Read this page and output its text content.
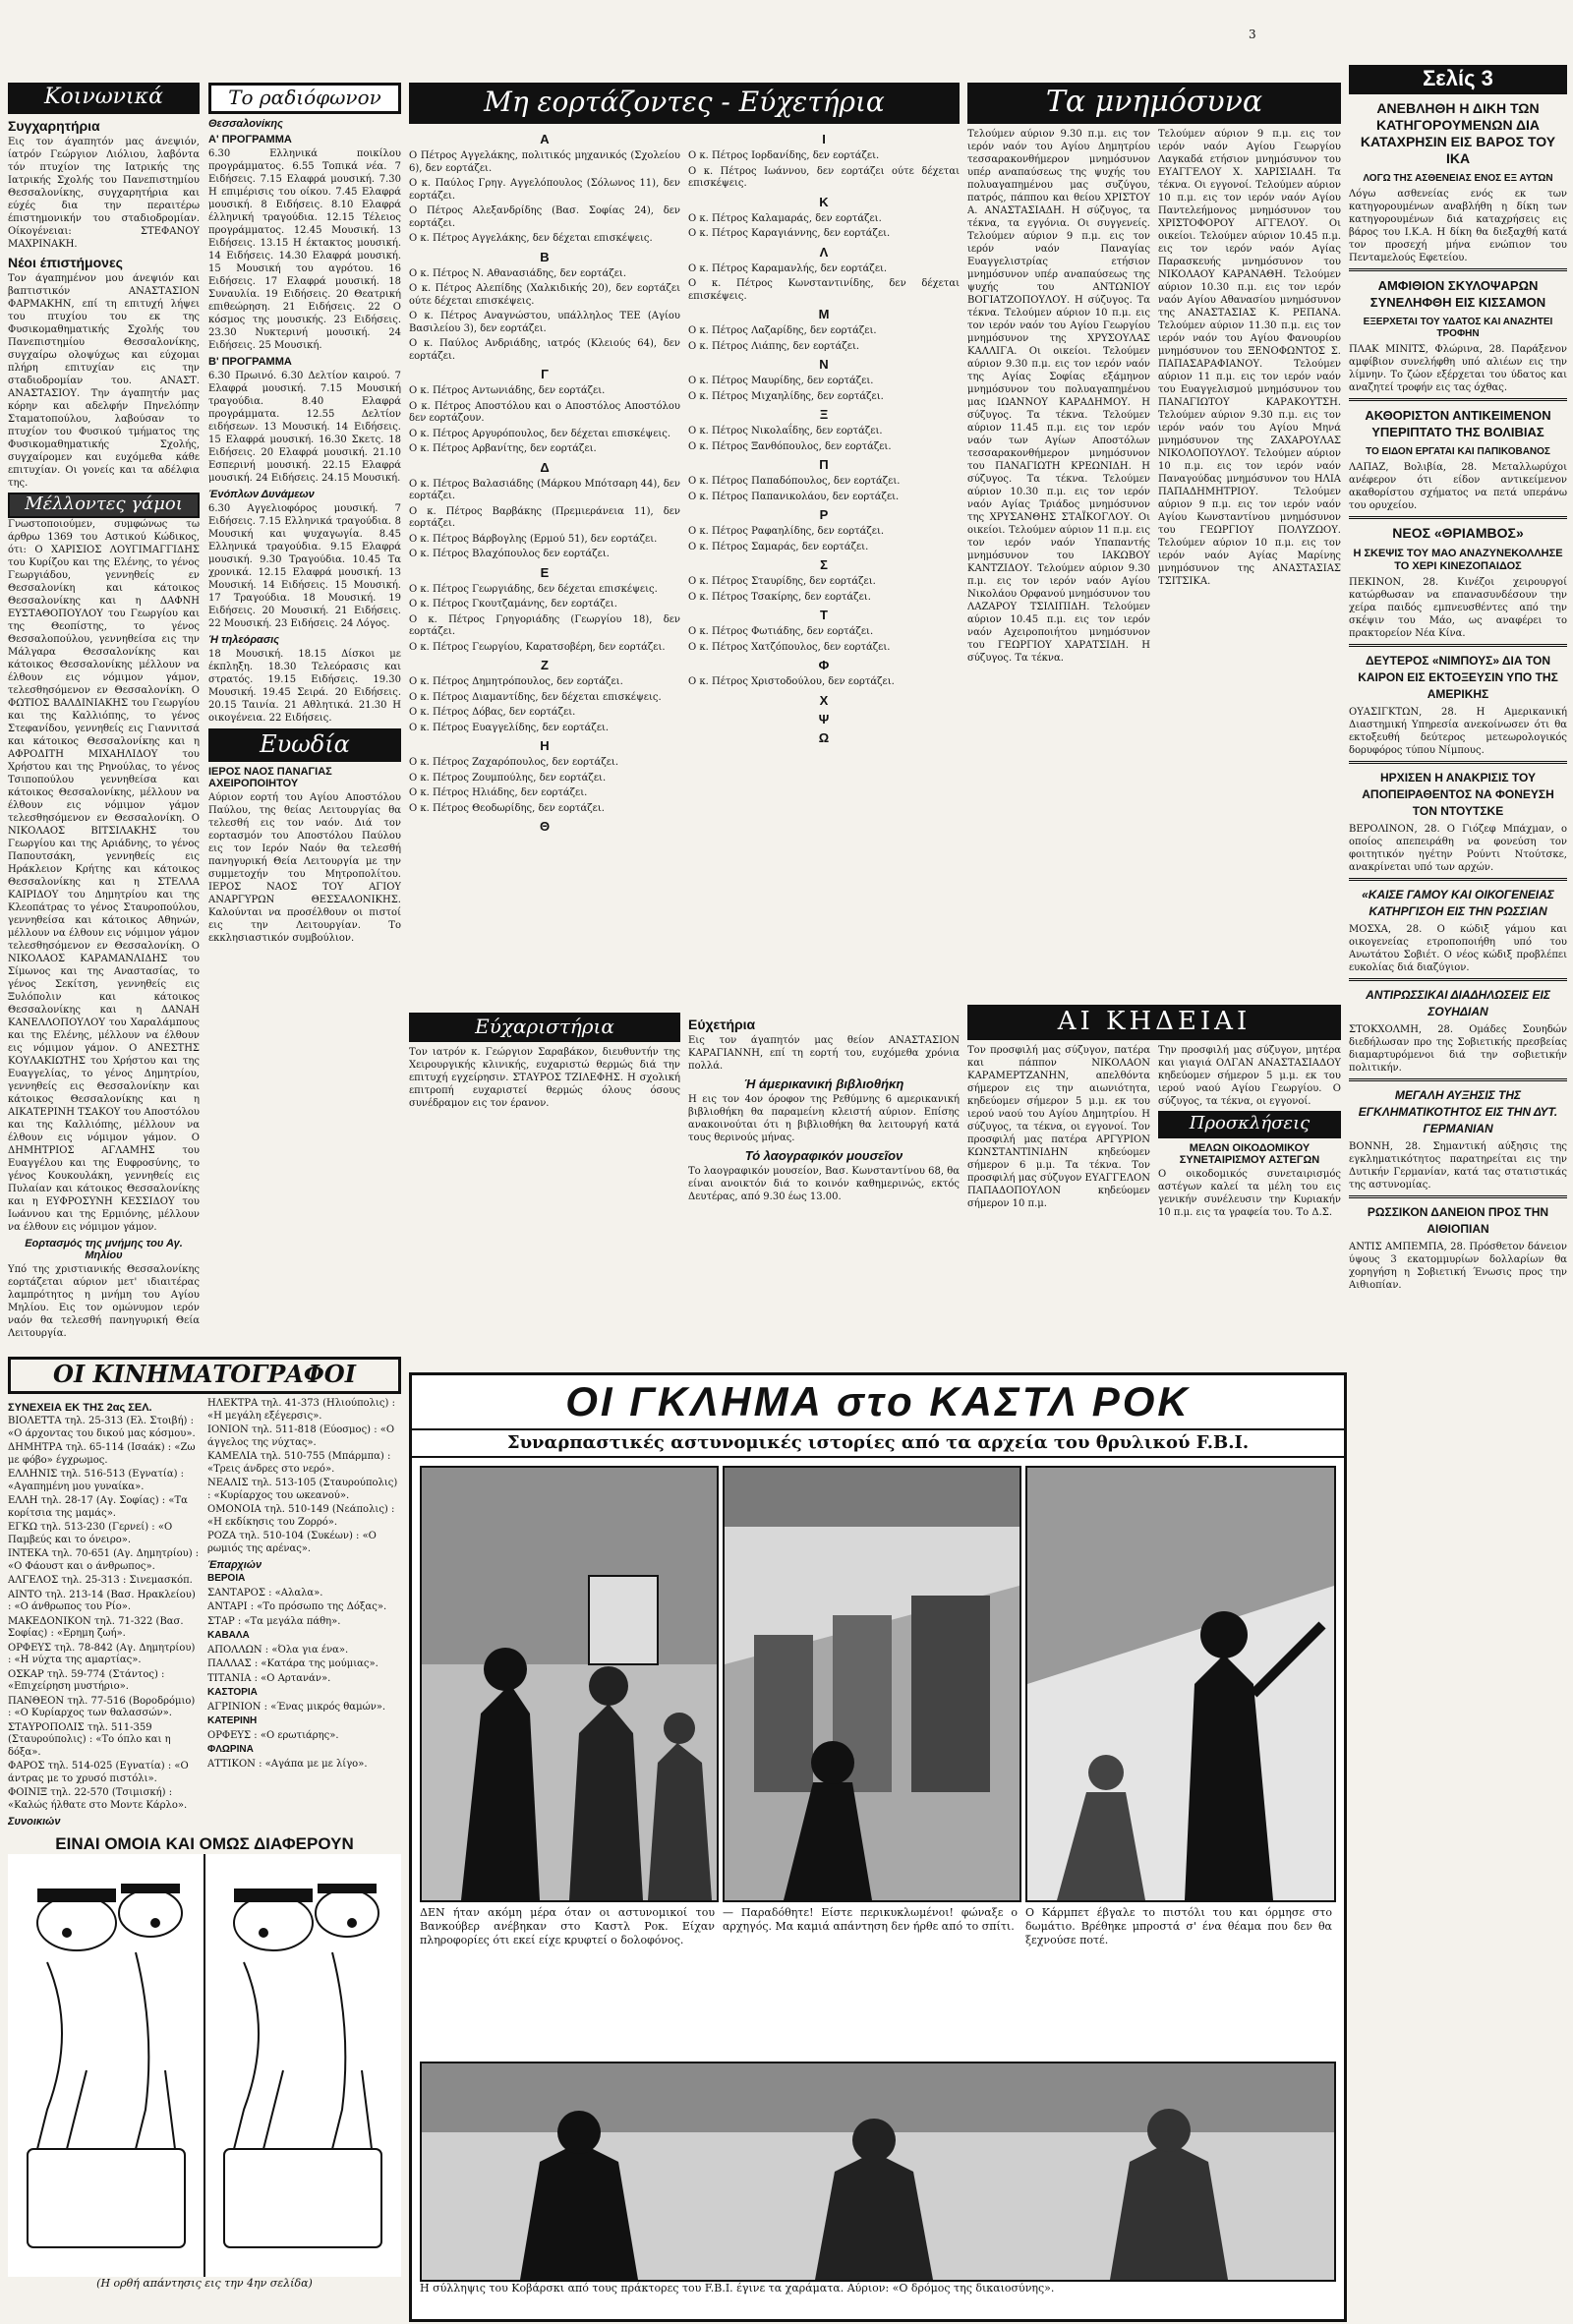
3
Κοινωνικά
Συγχαρητήρια

Εις τον άγαπητόν μας άνεψιόν, ίατρόν Γεώργιον Λιόλιου, λαβόντα τόν πτυχίον της Ιατρικής της Ιατρικής Σχολής του Πανεπιστημίου Θεσσαλονίκης, συγχαρητήρια και εύχές δια την περαιτέρω έπιστημονικήν του σταδιοδρομίαν. Οίκογένειαι: ΣΤΕΦΑΝΟΥ ΜΑΧΡΙΝΑΚΗ.

Νέοι έπιστήμονες

Τον άγαπημένον μου άνεψιόν και βαπτιστικόν ΑΝΑΣΤΑΣΙΟΝ ΦΑΡΜΑΚΗΝ, επί τη επιτυχή λήψει του πτυχίου του εκ της Φυσικομαθηματικής Σχολής του Πανεπιστημίου Θεσσαλονίκης, συγχαίρω ολοψύχως και εύχομαι πλήρη επιτυχίαν εις την σταδιοδρομίαν του. ΑΝΑΣΤ. ΑΝΑΣΤΑΣΙΟΥ. Την άγαπητήν μας κόρην και αδελφήν Πηνελόπην Σταματοπούλου, λαβούσαν το πτυχίον του Φυσικού τμήματος της Φυσικομαθηματικής Σχολής, συγχαίρομεν και ευχόμεθα κάθε επιτυχίαν. Οι γονείς και τα αδέλφια της.

Μέλλοντες γάμοι

Γνωστοποιούμεν, συμφώνως τω άρθρω 1369 του Αστικού Κώδικος, ότι: Ο ΧΑΡΙΣΙΟΣ ΛΟΥΓΙΜΑΓΓΙΔΗΣ του Κυρίζου και της Ελένης, το γένος Γεωργιάδου, γεννηθείς εν Θεσσαλονίκη και κάτοικος Θεσσαλονίκης και η ΔΑΦΝΗ ΕΥΣΤΑΘΟΠΟΥΛΟΥ του Γεωργίου και της Θεοπίστης, το γένος Θεσσαλοπούλου, γεννηθείσα εις την Μάλγαρα Θεσσαλονίκης και κάτοικος Θεσσαλονίκης μέλλουν να έλθουν εις νόμιμον γάμον, τελεσθησόμενον εν Θεσσαλονίκη. Ο ΦΩΤΙΟΣ ΒΑΛΔΙΝΙΑΚΗΣ του Γεωργίου και της Καλλιόπης, το γένος Στεφανίδου, γεννηθείς εις Γιαννιτσά και κάτοικος Θεσσαλονίκης και η ΑΦΡΟΔΙΤΗ ΜΙΧΑΗΛΙΔΟΥ του Χρήστου και της Ρηνούλας, το γένος Τσιποπούλου γεννηθείσα και κάτοικος Θεσσαλονίκης, μέλλουν να έλθουν εις νόμιμον γάμον τελεσθησόμενον εν Θεσσαλονίκη. Ο ΝΙΚΟΛΑΟΣ ΒΙΤΣΙΛΑΚΗΣ του Γεωργίου και της Αριάδνης, το γένος Παπουτσάκη, γεννηθείς εις Ηράκλειον Κρήτης και κάτοικος Θεσσαλονίκης και η ΣΤΕΛΛΑ ΚΑΙΡΙΔΟΥ του Δημητρίου και της Κλεοπάτρας το γένος Σταυροπούλου, γεννηθείσα και κάτοικος Αθηνών, μέλλουν να έλθουν εις νόμιμον γάμον τελεσθησόμενον εν Θεσσαλονίκη. Ο ΝΙΚΟΛΑΟΣ ΚΑΡΑΜΑΝΛΙΔΗΣ του Σίμωνος και της Αναστασίας, το γένος Σεκίτση, γεννηθείς εις Ξυλόπολιν και κάτοικος Θεσσαλονίκης και η ΔΑΝΑΗ ΚΑΝΕΛΛΟΠΟΥΛΟΥ του Χαραλάμπους και της Ελένης, μέλλουν να έλθουν εις νόμιμον γάμον. Ο ΑΝΕΣΤΗΣ ΚΟΥΛΑΚΙΩΤΗΣ του Χρήστου και της Ευαγγελίας, το γένος Δημητρίου, γεννηθείς εις Θεσσαλονίκην και κάτοικος Θεσσαλονίκης και η ΑΙΚΑΤΕΡΙΝΗ ΤΣΑΚΟΥ του Αποστόλου και της Καλλιόπης, μέλλουν να έλθουν εις νόμιμον γάμον. Ο ΔΗΜΗΤΡΙΟΣ ΑΓΛΑΜΗΣ του Ευαγγέλου και της Ευφροσύνης, το γένος Κουκουλάκη, γεννηθείς εις Πυλαίαν και κάτοικος Θεσσαλονίκης και η ΕΥΦΡΟΣΥΝΗ ΚΕΣΣΙΔΟΥ του Ιωάννου και της Ερμιόνης, μέλλουν να έλθουν εις νόμιμον γάμον.

Εορτασμός της μνήμης του Αγ. Μηλίου

Υπό της χριστιανικής Θεσσαλονίκης εορτάζεται αύριον μετ' ιδιαιτέρας λαμπρότητος η μνήμη του Αγίου Μηλίου. Εις τον ομώνυμον ιερόν ναόν θα τελεσθή πανηγυρική Θεία Λειτουργία.

ΟΙ ΚΙΝΗΜΑΤΟΓΡΑΦΟΙ
ΣΥΝΕΧΕΙΑ ΕΚ ΤΗΣ 2ας ΣΕΛ.
ΒΙΟΛΕΤΤΑ τηλ. 25-313 (Ελ. Στοιβή) : «Ο άρχοντας του δικού μας κόσμου».
ΔΗΜΗΤΡΑ τηλ. 65-114 (Ισαάκ) : «Ζω με φόβο» έγχρωμος.
ΕΛΛΗΝΙΣ τηλ. 516-513 (Εγνατία) : «Αγαπημένη μου γυναίκα».
ΕΛΛΗ τηλ. 28-17 (Αγ. Σοφίας) : «Τα κορίτσια της μαμάς».
ΕΓΚΩ τηλ. 513-230 (Γερνεί) : «Ο Παμβεύς και το όνειρο».
ΙΝΤΕΚΑ τηλ. 70-651 (Αγ. Δημητρίου) : «Ο Φάουστ και ο άνθρωπος».
ΑΛΓΕΛΟΣ τηλ. 25-313 : Σινεμασκόπ.
ΑΙΝΤΟ τηλ. 213-14 (Βασ. Ηρακλείου) : «Ο άνθρωπος του Ρίο».
ΜΑΚΕΔΟΝΙΚΟΝ τηλ. 71-322 (Βασ. Σοφίας) : «Ερημη ζωή».
ΟΡΦΕΥΣ τηλ. 78-842 (Αγ. Δημητρίου) : «Η νύχτα της αμαρτίας».
ΟΣΚΑΡ τηλ. 59-774 (Στάντος) : «Επιχείρηση μυστήριο».
ΠΑΝΘΕΟΝ τηλ. 77-516 (Βοροδρόμιο) : «Ο Κυρίαρχος των θαλασσών».
ΣΤΑΥΡΟΠΟΛΙΣ τηλ. 511-359 (Σταυρούπολις) : «Το όπλο και η δόξα».
ΦΑΡΟΣ τηλ. 514-025 (Εγνατία) : «Ο άντρας με το χρυσό πιστόλι».
ΦΟΙΝΙΞ τηλ. 22-570 (Τσιμισκή) : «Καλώς ήλθατε στο Μοντε Κάρλο».
Συνοικιών
ΗΛΕΚΤΡΑ τηλ. 41-373 (Ηλιούπολις) : «Η μεγάλη εξέγερσις».
ΙΟΝΙΟΝ τηλ. 511-818 (Εύοσμος) : «Ο άγγελος της νύχτας».
ΚΑΜΕΛΙΑ τηλ. 510-755 (Μπάρμπα) : «Τρεις άνδρες στο νερό».
ΝΕΑΛΙΣ τηλ. 513-105 (Σταυρούπολις) : «Κυρίαρχος του ωκεανού».
ΟΜΟΝΟΙΑ τηλ. 510-149 (Νεάπολις) : «Η εκδίκησις του Ζορρό».
ΡΟΖΑ τηλ. 510-104 (Συκέων) : «Ο ρωμιός της αρένας».
Έπαρχιών
ΒΕΡΟΙΑ
ΣΑΝΤΑΡΟΣ : «Αλαλα».
ΑΝΤΑΡΙ : «Το πρόσωπο της Δόξας».
ΣΤΑΡ : «Τα μεγάλα πάθη».
ΚΑΒΑΛΑ
ΑΠΟΛΛΩΝ : «Όλα για ένα».
ΠΑΛΛΑΣ : «Κατάρα της μούμιας».
ΤΙΤΑΝΙΑ : «Ο Αρτανάν».
ΚΑΣΤΟΡΙΑ
ΑΓΡΙΝΙΟΝ : «Ένας μικρός θαμών».
ΚΑΤΕΡΙΝΗ
ΟΡΦΕΥΣ : «Ο ερωτιάρης».
ΦΛΩΡΙΝΑ
ΑΤΤΙΚΟΝ : «Αγάπα με με λίγο».
ΕΙΝΑΙ ΟΜΟΙΑ ΚΑΙ ΟΜΩΣ ΔΙΑΦΕΡΟΥΝ
(Η ορθή απάντησις εις την 4ην σελίδα)
Το ραδιόφωνον
Θεσσαλονίκης
Α' ΠΡΟΓΡΑΜΜΑ

6.30 Ελληνικά ποικίλου προγράμματος. 6.55 Τοπικά νέα. 7 Ειδήσεις. 7.15 Ελαφρά μουσική. 7.30 Η επιμέρισις του οίκου. 7.45 Ελαφρά μουσική. 8 Ειδήσεις. 8.10 Ελαφρά έλληνική τραγούδια. 12.15 Τέλειος προγράμματος. 12.45 Μουσική. 13 Ειδήσεις. 13.15 Η έκτακτος μουσική. 14 Ειδήσεις. 14.30 Ελαφρά μουσική. 15 Μουσική του αγρότου. 16 Ειδήσεις. 17 Ελαφρά μουσική. 18 Συναυλία. 19 Ειδήσεις. 20 Θεατρική επιθεώρηση. 21 Ειδήσεις. 22 Ο κόσμος της μουσικής. 23 Ειδήσεις. 23.30 Νυκτερινή μουσική. 24 Ειδήσεις. 25 Μουσική.

Β' ΠΡΟΓΡΑΜΜΑ

6.30 Πρωινό. 6.30 Δελτίον καιρού. 7 Ελαφρά μουσική. 7.15 Μουσική τραγούδια. 8.40 Ελαφρά προγράμματα. 12.55 Δελτίον ειδήσεων. 13 Μουσική. 14 Ειδήσεις. 15 Ελαφρά μουσική. 16.30 Σκετς. 18 Ειδήσεις. 20 Ελαφρά μουσική. 21.10 Εσπερινή μουσική. 22.15 Ελαφρά μουσική. 24 Ειδήσεις. 24.15 Μουσική.

Ένόπλων Δυνάμεων

6.30 Αγγελιοφόρος μουσική. 7 Ειδήσεις. 7.15 Ελληνικά τραγούδια. 8 Μουσική και ψυχαγωγία. 8.45 Ελληνικά τραγούδια. 9.15 Ελαφρά μουσική. 9.30 Τραγούδια. 10.45 Τα χρονικά. 12.15 Ελαφρά μουσική. 13 Μουσική. 14 Ειδήσεις. 15 Μουσική. 17 Τραγούδια. 18 Μουσική. 19 Ειδήσεις. 20 Μουσική. 21 Ειδήσεις. 22 Μουσική. 23 Ειδήσεις. 24 Λόγος.

Ή τηλεόρασις

18 Μουσική. 18.15 Δίσκοι με έκπληξη. 18.30 Τελεόρασις και στρατός. 19.15 Ειδήσεις. 19.30 Μουσική. 19.45 Σειρά. 20 Ειδήσεις. 20.15 Ταινία. 21 Αθλητικά. 21.30 Η οικογένεια. 22 Ειδήσεις.

Ευωδία
ΙΕΡΟΣ ΝΑΟΣ ΠΑΝΑΓΙΑΣ ΑΧΕΙΡΟΠΟΙΗΤΟΥ

Αύριον εορτή του Αγίου Αποστόλου Παύλου, της θείας Λειτουργίας θα τελεσθή εις τον ναόν. Διά τον εορτασμόν του Αποστόλου Παύλου εις τον Ιερόν Ναόν θα τελεσθή πανηγυρική Θεία Λειτουργία με την συμμετοχήν του Μητροπολίτου. ΙΕΡΟΣ ΝΑΟΣ ΤΟΥ ΑΓΙΟΥ ΑΝΑΡΓΥΡΩΝ ΘΕΣΣΑΛΟΝΙΚΗΣ. Καλούνται να προσέλθουν οι πιστοί εις την Λειτουργίαν. Το εκκλησιαστικόν συμβούλιον.

Μη εορτάζοντες - Εύχετήρια
Α
Ο Πέτρος Αγγελάκης, πολιτικός μηχανικός (Σχολείου 6), δεν εορτάζει.
Ο κ. Παύλος Γρηγ. Αγγελόπουλος (Σόλωνος 11), δεν εορτάζει.
Ο Πέτρος Αλεξανδρίδης (Βασ. Σοφίας 24), δεν εορτάζει.
Ο κ. Πέτρος Αγγελάκης, δεν δέχεται επισκέψεις.
Β
Ο κ. Πέτρος Ν. Αθανασιάδης, δεν εορτάζει.
Ο κ. Πέτρος Αλεπίδης (Χαλκιδικής 20), δεν εορτάζει ούτε δέχεται επισκέψεις.
Ο κ. Πέτρος Αναγνώστου, υπάλληλος ΤΕΕ (Αγίου Βασιλείου 3), δεν εορτάζει.
Ο κ. Παύλος Ανδριάδης, ιατρός (Κλειούς 64), δεν εορτάζει.
Γ
Ο κ. Πέτρος Αντωνιάδης, δεν εορτάζει.
Ο κ. Πέτρος Αποστόλου και ο Αποστόλος Αποστόλου δεν εορτάζουν.
Ο κ. Πέτρος Αργυρόπουλος, δεν δέχεται επισκέψεις.
Ο κ. Πέτρος Αρβανίτης, δεν εορτάζει.
Δ
Ο κ. Πέτρος Βαλασιάδης (Μάρκου Μπότσαρη 44), δεν εορτάζει.
Ο κ. Πέτρος Βαρβάκης (Πρεμιεράνεια 11), δεν εορτάζει.
Ο κ. Πέτρος Βάρβογλης (Ερμού 51), δεν εορτάζει.
Ο κ. Πέτρος Βλαχόπουλος δεν εορτάζει.
Ε
Ο κ. Πέτρος Γεωργιάδης, δεν δέχεται επισκέψεις.
Ο κ. Πέτρος Γκουτζαμάνης, δεν εορτάζει.
Ο κ. Πέτρος Γρηγοριάδης (Γεωργίου 18), δεν εορτάζει.
Ο κ. Πέτρος Γεωργίου, Καρατσοβέρη, δεν εορτάζει.
Ζ
Ο κ. Πέτρος Δημητρόπουλος, δεν εορτάζει.
Ο κ. Πέτρος Διαμαντίδης, δεν δέχεται επισκέψεις.
Ο κ. Πέτρος Δόβας, δεν εορτάζει.
Ο κ. Πέτρος Ευαγγελίδης, δεν εορτάζει.
Η
Ο κ. Πέτρος Ζαχαρόπουλος, δεν εορτάζει.
Ο κ. Πέτρος Ζουμπούλης, δεν εορτάζει.
Ο κ. Πέτρος Ηλιάδης, δεν εορτάζει.
Ο κ. Πέτρος Θεοδωρίδης, δεν εορτάζει.
Θ
Ι
Ο κ. Πέτρος Ιορδανίδης, δεν εορτάζει.
Ο κ. Πέτρος Ιωάννου, δεν εορτάζει ούτε δέχεται επισκέψεις.
Κ
Ο κ. Πέτρος Καλαμαράς, δεν εορτάζει.
Ο κ. Πέτρος Καραγιάννης, δεν εορτάζει.
Λ
Ο κ. Πέτρος Καραμανλής, δεν εορτάζει.
Ο κ. Πέτρος Κωνσταντινίδης, δεν δέχεται επισκέψεις.
Μ
Ο κ. Πέτρος Λαζαρίδης, δεν εορτάζει.
Ο κ. Πέτρος Λιάπης, δεν εορτάζει.
Ν
Ο κ. Πέτρος Μαυρίδης, δεν εορτάζει.
Ο κ. Πέτρος Μιχαηλίδης, δεν εορτάζει.
Ξ
Ο κ. Πέτρος Νικολαΐδης, δεν εορτάζει.
Ο κ. Πέτρος Ξανθόπουλος, δεν εορτάζει.
Π
Ο κ. Πέτρος Παπαδόπουλος, δεν εορτάζει.
Ο κ. Πέτρος Παπανικολάου, δεν εορτάζει.
Ρ
Ο κ. Πέτρος Ραφαηλίδης, δεν εορτάζει.
Ο κ. Πέτρος Σαμαράς, δεν εορτάζει.
Σ
Ο κ. Πέτρος Σταυρίδης, δεν εορτάζει.
Ο κ. Πέτρος Τσακίρης, δεν εορτάζει.
Τ
Ο κ. Πέτρος Φωτιάδης, δεν εορτάζει.
Ο κ. Πέτρος Χατζόπουλος, δεν εορτάζει.
Φ
Ο κ. Πέτρος Χριστοδούλου, δεν εορτάζει.
Χ
Ψ
Ω
Εύχαριστήρια

Τον ιατρόν κ. Γεώργιον Σαραβάκον, διευθυντήν της Χειρουργικής κλινικής, ευχαριστώ θερμώς διά την επιτυχή εγχείρησιν. ΣΤΑΥΡΟΣ ΤΖΙΛΕΦΗΣ. Η σχολική επιτροπή ευχαριστεί θερμώς όλους όσους συνέδραμον εις τον έρανον.

Εύχετήρια

Εις τον άγαπητόν μας θείον ΑΝΑΣΤΑΣΙΟΝ ΚΑΡΑΓΙΑΝΝΗ, επί τη εορτή του, ευχόμεθα χρόνια πολλά.

Ή άμερικανική βιβλιοθήκη

Η εις τον 4ον όροφον της Ρεθύμνης 6 αμερικανική βιβλιοθήκη θα παραμείνη κλειστή αύριον. Επίσης ανακοινούται ότι η βιβλιοθήκη θα λειτουργή κατά τους θερινούς μήνας.

Τό λαογραφικόν μουσεῖον

Το λαογραφικόν μουσείον, Βασ. Κωνσταντίνου 68, θα είναι ανοικτόν διά το κοινόν καθημερινώς, εκτός Δευτέρας, από 9.30 έως 13.00.

Τα μνημόσυνα

Τελούμεν αύριον 9.30 π.μ. εις τον ιερόν ναόν του Αγίου Δημητρίου τεσσαρακονθήμερον μνημόσυνον υπέρ αναπαύσεως της ψυχής του πολυαγαπημένου μας συζύγου, πατρός, πάππου και θείου ΧΡΙΣΤΟΥ Α. ΑΝΑΣΤΑΣΙΑΔΗ. Η σύζυγος, τα τέκνα, τα εγγόνια. Οι συγγενείς. Τελούμεν αύριον 9 π.μ. εις τον ιερόν ναόν Παναγίας Ευαγγελιστρίας ετήσιον μνημόσυνον υπέρ αναπαύσεως της ψυχής του ΑΝΤΩΝΙΟΥ ΒΟΓΙΑΤΖΟΠΟΥΛΟΥ. Η σύζυγος. Τα τέκνα. Τελούμεν αύριον 10 π.μ. εις τον ιερόν ναόν του Αγίου Γεωργίου μνημόσυνον της ΧΡΥΣΟΥΛΑΣ ΚΑΛΛΙΓΑ. Οι οικείοι. Τελούμεν αύριον 9.30 π.μ. εις τον ιερόν ναόν της Αγίας Σοφίας εξάμηνον μνημόσυνον του πολυαγαπημένου μας ΙΩΑΝΝΟΥ ΚΑΡΑΔΗΜΟΥ. Η σύζυγος. Τα τέκνα. Τελούμεν αύριον 11.45 π.μ. εις τον ιερόν ναόν των Αγίων Αποστόλων τεσσαρακονθήμερον μνημόσυνον του ΠΑΝΑΓΙΩΤΗ ΚΡΕΩΝΙΔΗ. Η σύζυγος. Τα τέκνα. Τελούμεν αύριον 10.30 π.μ. εις τον ιερόν ναόν Αγίας Τριάδος μνημόσυνον της ΧΡΥΣΑΝΘΗΣ ΣΤΑΪΚΟΓΛΟΥ. Οι οικείοι. Τελούμεν αύριον 11 π.μ. εις τον ιερόν ναόν Υπαπαντής μνημόσυνον του ΙΑΚΩΒΟΥ ΚΑΝΤΖΙΔΟΥ. Τελούμεν αύριον 9.30 π.μ. εις τον ιερόν ναόν Αγίου Νικολάου Ορφανού μνημόσυνον του ΛΑΖΑΡΟΥ ΤΣΙΛΙΠΙΔΗ. Τελούμεν αύριον 10.45 π.μ. εις τον ιερόν ναόν Αχειροποιήτου μνημόσυνον του ΓΕΩΡΓΙΟΥ ΧΑΡΑΤΣΙΔΗ. Η σύζυγος. Τα τέκνα.

Τελούμεν αύριον 9 π.μ. εις τον ιερόν ναόν Αγίου Γεωργίου Λαγκαδά ετήσιον μνημόσυνον του ΕΥΑΓΓΕΛΟΥ Χ. ΧΑΡΙΣΙΑΔΗ. Τα τέκνα. Οι εγγονοί. Τελούμεν αύριον 10 π.μ. εις τον ιερόν ναόν Αγίου Παντελεήμονος μνημόσυνον του ΧΡΙΣΤΟΦΟΡΟΥ ΑΓΓΕΛΟΥ. Οι οικείοι. Τελούμεν αύριον 10.45 π.μ. εις τον ιερόν ναόν Αγίας Παρασκευής μνημόσυνον του ΝΙΚΟΛΑΟΥ ΚΑΡΑΝΑΘΗ. Τελούμεν αύριον 10.30 π.μ. εις τον ιερόν ναόν Αγίου Αθανασίου μνημόσυνον της ΑΝΑΣΤΑΣΙΑΣ Κ. ΡΕΠΑΝΑ. Τελούμεν αύριον 11.30 π.μ. εις τον ιερόν ναόν του Αγίου Φανουρίου μνημόσυνον του ΞΕΝΟΦΩΝΤΟΣ Σ. ΠΑΠΑΣΑΡΑΦΙΑΝΟΥ. Τελούμεν αύριον 11 π.μ. εις τον ιερόν ναόν του Ευαγγελισμού μνημόσυνον του ΠΑΝΑΓΙΩΤΟΥ ΚΑΡΑΚΟΥΤΣΗ. Τελούμεν αύριον 9.30 π.μ. εις τον ιερόν ναόν του Αγίου Μηνά μνημόσυνον της ΖΑΧΑΡΟΥΛΑΣ ΝΙΚΟΛΟΠΟΥΛΟΥ. Τελούμεν αύριον 10 π.μ. εις τον ιερόν ναόν Παναγούδας μνημόσυνον του ΗΛΙΑ ΠΑΠΑΔΗΜΗΤΡΙΟΥ. Τελούμεν αύριον 9 π.μ. εις τον ιερόν ναόν Αγίου Κωνσταντίνου μνημόσυνον του ΓΕΩΡΓΙΟΥ ΠΟΛΥΖΩΟΥ. Τελούμεν αύριον 10 π.μ. εις τον ιερόν ναόν Αγίας Μαρίνης μνημόσυνον της ΑΝΑΣΤΑΣΙΑΣ ΤΣΙΤΣΙΚΑ.

ΑΙ ΚΗΔΕΙΑΙ

Τον προσφιλή μας σύζυγον, πατέρα και πάππον ΝΙΚΟΛΑΟΝ ΚΑΡΑΜΕΡΤΖΑΝΗΝ, απελθόντα σήμερον εις την αιωνιότητα, κηδεύομεν σήμερον 5 μ.μ. εκ του ιερού ναού του Αγίου Δημητρίου. Η σύζυγος, τα τέκνα, οι εγγονοί. Τον προσφιλή μας πατέρα ΑΡΓΥΡΙΟΝ ΚΩΝΣΤΑΝΤΙΝΙΔΗΝ κηδεύομεν σήμερον 6 μ.μ. Τα τέκνα. Τον προσφιλή μας σύζυγον ΕΥΑΓΓΕΛΟΝ ΠΑΠΑΔΟΠΟΥΛΟΝ κηδεύομεν σήμερον 10 π.μ.

Την προσφιλή μας σύζυγον, μητέρα και γιαγιά ΟΛΓΑΝ ΑΝΑΣΤΑΣΙΑΔΟΥ κηδεύομεν σήμερον 5 μ.μ. εκ του ιερού ναού Αγίου Γεωργίου. Ο σύζυγος, τα τέκνα, οι εγγονοί.

Προσκλήσεις
ΜΕΛΩΝ ΟΙΚΟΔΟΜΙΚΟΥ ΣΥΝΕΤΑΙΡΙΣΜΟΥ ΑΣΤΕΓΩΝ

Ο οικοδομικός συνεταιρισμός αστέγων καλεί τα μέλη του εις γενικήν συνέλευσιν την Κυριακήν 10 π.μ. εις τα γραφεία του. Το Δ.Σ.

Σελίς 3
ΑΝΕΒΛΗΘΗ Η ΔΙΚΗ ΤΩΝ ΚΑΤΗΓΟΡΟΥΜΕΝΩΝ ΔΙΑ ΚΑΤΑΧΡΗΣΙΝ ΕΙΣ ΒΑΡΟΣ ΤΟΥ ΙΚΑ
ΛΟΓΩ ΤΗΣ ΑΣΘΕΝΕΙΑΣ ΕΝΟΣ ΕΞ ΑΥΤΩΝ

Λόγω ασθενείας ενός εκ των κατηγορουμένων αναβλήθη η δίκη των κατηγορουμένων διά καταχρήσεις εις βάρος του Ι.Κ.Α. Η δίκη θα διεξαχθή κατά τον προσεχή μήνα ενώπιον του Πενταμελούς Εφετείου.

ΑΜΦΙΘΙΟΝ ΣΚΥΛΟΨΑΡΩΝ ΣΥΝΕΛΗΦΘΗ ΕΙΣ ΚΙΣΣΑΜΟΝ
ΕΞΕΡΧΕΤΑΙ ΤΟΥ ΥΔΑΤΟΣ ΚΑΙ ΑΝΑΖΗΤΕΙ ΤΡΟΦΗΝ

ΠΛΑΚ ΜΙΝΙΤΣ, Φλώρινα, 28. Παράξενον αμφίβιον συνελήφθη υπό αλιέων εις την λίμνην. Το ζώον εξέρχεται του ύδατος και αναζητεί τροφήν εις τας όχθας.

ΑΚΘΟΡΙΣΤΟΝ ΑΝΤΙΚΕΙΜΕΝΟΝ ΥΠΕΡΙΠΤΑΤΟ ΤΗΣ ΒΟΛΙΒΙΑΣ
ΤΟ ΕΙΔΟΝ ΕΡΓΑΤΑΙ ΚΑΙ ΠΑΠΙΚΟΒΑΝΟΣ

ΛΑΠΑΖ, Βολιβία, 28. Μεταλλωρύχοι ανέφερον ότι είδον αντικείμενον ακαθορίστου σχήματος να πετά υπεράνω του ορυχείου.

ΝΕΟΣ «ΘΡΙΑΜΒΟΣ»
Η ΣΚΕΨΙΣ ΤΟΥ ΜΑΟ ΑΝΑΖΥΝΕΚΟΛΛΗΣΕ ΤΟ ΧΕΡΙ ΚΙΝΕΖΟΠΑΙΔΟΣ

ΠΕΚΙΝΟΝ, 28. Κινέζοι χειρουργοί κατώρθωσαν να επανασυνδέσουν την χείρα παιδός εμπνευσθέντες από την σκέψιν του Μάο, ως αναφέρει το πρακτορείον Νέα Κίνα.

ΔΕΥΤΕΡΟΣ «ΝΙΜΠΟΥΣ» ΔΙΑ ΤΟΝ ΚΑΙΡΟΝ ΕΙΣ ΕΚΤΟΞΕΥΣΙΝ ΥΠΟ ΤΗΣ ΑΜΕΡΙΚΗΣ

ΟΥΑΣΙΓΚΤΩΝ, 28. Η Αμερικανική Διαστημική Υπηρεσία ανεκοίνωσεν ότι θα εκτοξευθή δεύτερος μετεωρολογικός δορυφόρος τύπου Νίμπους.

ΗΡΧΙΣΕΝ Η ΑΝΑΚΡΙΣΙΣ ΤΟΥ ΑΠΟΠΕΙΡΑΘΕΝΤΟΣ ΝΑ ΦΟΝΕΥΣΗ ΤΟΝ ΝΤΟΥΤΣΚΕ

ΒΕΡΟΛΙΝΟΝ, 28. Ο Γιόζεφ Μπάχμαν, ο οποίος απεπειράθη να φονεύση τον φοιτητικόν ηγέτην Ρούντι Ντούτσκε, ανακρίνεται υπό των αρχών.

«ΚΑΙΣΕ ΓΑΜΟΥ ΚΑΙ ΟΙΚΟΓΕΝΕΙΑΣ ΚΑΤΗΡΓΙΣΟΗ ΕΙΣ ΤΗΝ ΡΩΣΣΙΑΝ

ΜΟΣΧΑ, 28. Ο κώδιξ γάμου και οικογενείας ετροποποιήθη υπό του Ανωτάτου Σοβιέτ. Ο νέος κώδιξ προβλέπει ευκολίας διά διαζύγιον.

ΑΝΤΙΡΩΣΣΙΚΑΙ ΔΙΑΔΗΛΩΣΕΙΣ ΕΙΣ ΣΟΥΗΔΙΑΝ

ΣΤΟΚΧΟΛΜΗ, 28. Ομάδες Σουηδών διεδήλωσαν προ της Σοβιετικής πρεσβείας διαμαρτυρόμενοι διά την σοβιετικήν πολιτικήν.

ΜΕΓΑΛΗ ΑΥΞΗΣΙΣ ΤΗΣ ΕΓΚΛΗΜΑΤΙΚΟΤΗΤΟΣ ΕΙΣ ΤΗΝ ΔΥΤ. ΓΕΡΜΑΝΙΑΝ

ΒΟΝΝΗ, 28. Σημαντική αύξησις της εγκληματικότητος παρατηρείται εις την Δυτικήν Γερμανίαν, κατά τας στατιστικάς της αστυνομίας.

ΡΩΣΣΙΚΟΝ ΔΑΝΕΙΟΝ ΠΡΟΣ ΤΗΝ ΑΙΘΙΟΠΙΑΝ

ΑΝΤΙΣ ΑΜΠΕΜΠΑ, 28. Πρόσθετον δάνειον ύψους 3 εκατομμυρίων δολλαρίων θα χορηγήση η Σοβιετική Ένωσις προς την Αιθιοπίαν.

ΟΙ ΓΚΛΗΜΑ στο ΚΑΣΤΛ ΡΟΚ
Συναρπαστικές αστυνομικές ιστορίες από τα αρχεία του θρυλικού F.B.I.
ΔΕΝ ήταν ακόμη μέρα όταν οι αστυνομικοί του Βανκούβερ ανέβηκαν στο Καστλ Ροκ. Είχαν πληροφορίες ότι εκεί είχε κρυφτεί ο δολοφόνος.
— Παραδόθητε! Είστε περικυκλωμένοι! φώναξε ο αρχηγός. Μα καμιά απάντηση δεν ήρθε από το σπίτι.
Ο Κάρμπετ έβγαλε το πιστόλι του και όρμησε στο δωμάτιο. Βρέθηκε μπροστά σ' ένα θέαμα που δεν θα ξεχνούσε ποτέ.
Η σύλληψις του Κοβάρσκι από τους πράκτορες του F.B.I. έγινε τα χαράματα. Αύριον: «Ο δρόμος της δικαιοσύνης».
